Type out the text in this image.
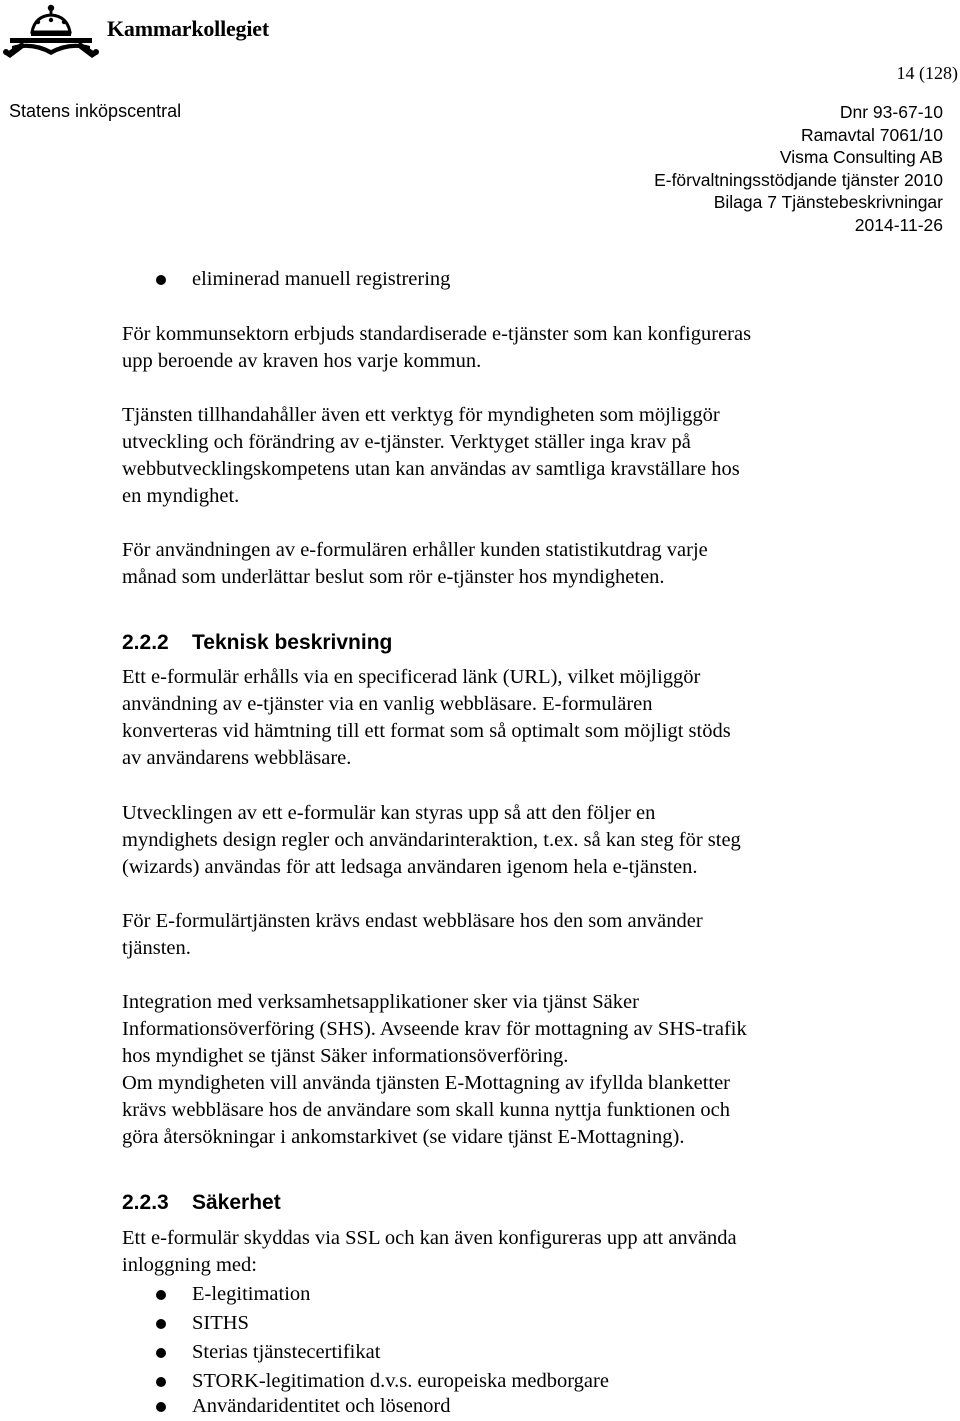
Kammarkollegiet
14 (128)
Statens inköpscentral	Dnr 93-67-10
Ramavtal 7061/10
Visma Consulting AB
E-förvaltningsstödjande tjänster 2010
Bilaga 7 Tjänstebeskrivningar
2014-11-26
eliminerad manuell registrering
För kommunsektorn erbjuds standardiserade e-tjänster som kan konfigureras
upp beroende av kraven hos varje kommun.
Tjänsten tillhandahåller även ett verktyg för myndigheten som möjliggör
utveckling och förändring av e-tjänster. Verktyget ställer inga krav på
webbutvecklingskompetens utan kan användas av samtliga kravställare hos
en myndighet.
För användningen av e-formulären erhåller kunden statistikutdrag varje
månad som underlättar beslut som rör e-tjänster hos myndigheten.
2.2.2 Teknisk beskrivning
Ett e-formulär erhålls via en specificerad länk (URL), vilket möjliggör
användning av e-tjänster via en vanlig webbläsare. E-formulären
konverteras vid hämtning till ett format som så optimalt som möjligt stöds
av användarens webbläsare.
Utvecklingen av ett e-formulär kan styras upp så att den följer en
myndighets design regler och användarinteraktion, t.ex. så kan steg för steg
(wizards) användas för att ledsaga användaren igenom hela e-tjänsten.
För E-formulärtjänsten krävs endast webbläsare hos den som använder
tjänsten.
Integration med verksamhetsapplikationer sker via tjänst Säker
Informationsöverföring (SHS). Avseende krav för mottagning av SHS-trafik
hos myndighet se tjänst Säker informationsöverföring.
Om myndigheten vill använda tjänsten E-Mottagning av ifyllda blanketter
krävs webbläsare hos de användare som skall kunna nyttja funktionen och
göra återsökningar i ankomstarkivet (se vidare tjänst E-Mottagning).
2.2.3 Säkerhet
Ett e-formulär skyddas via SSL och kan även konfigureras upp att använda
inloggning med:
E-legitimation
SITHS
Sterias tjänstecertifikat
STORK-legitimation d.v.s. europeiska medborgare
Användaridentitet och lösenord
